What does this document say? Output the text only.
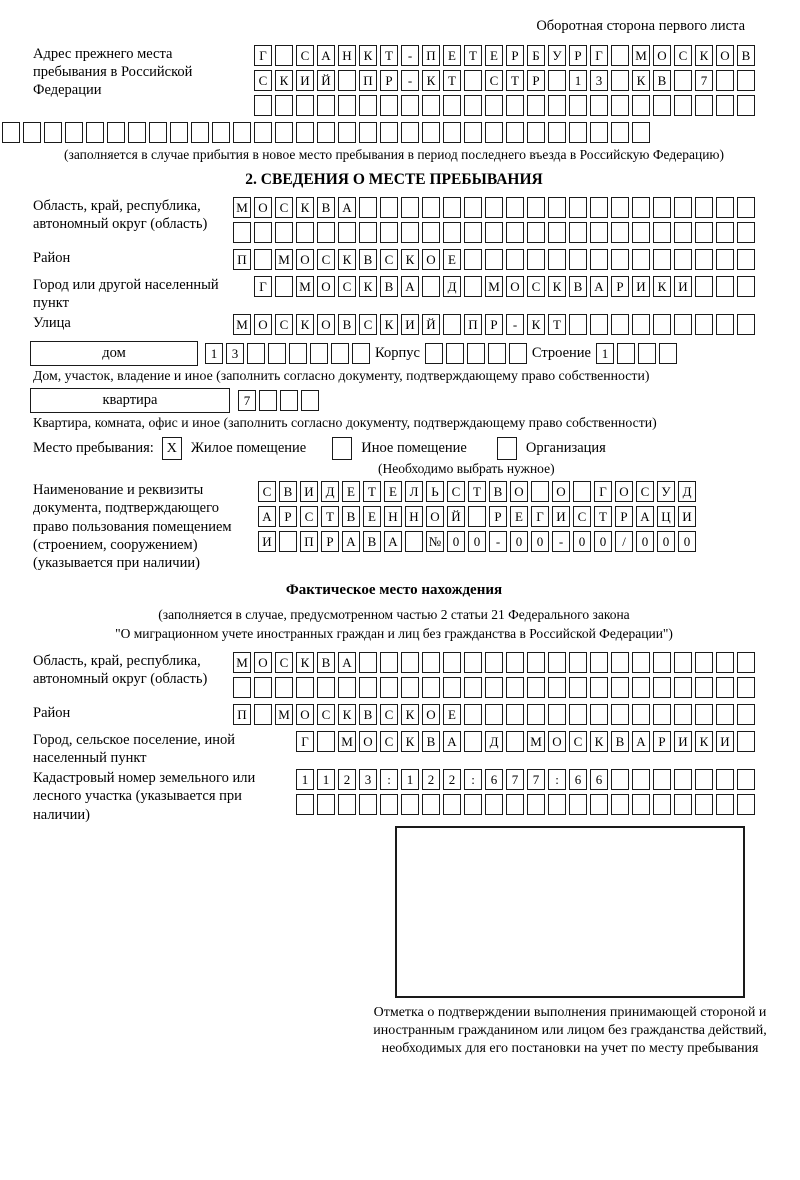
Оборотная сторона первого листа
Адрес прежнего места пребывания в Российской Федерации
Г	С А Н К Т	-	П Е	Т	Е	Р	Б У Р	Г	М О С К О В
С К И Й	П Р	-	К Т	С Т	Р	1	3	К В	7
(заполняется в случае прибытия в новое место пребывания в период последнего въезда в Российскую Федерацию)
2. СВЕДЕНИЯ О МЕСТЕ ПРЕБЫВАНИЯ
Область, край, республика, автономный округ (область)
М О С К В А
Район	П	М О С К В С К О Е
Город или другой населенный пункт
Г	М О С К В А	Д	М О С К В А Р И К И
Улица	М О С К О В С К И Й	П Р	-	К Т
дом	1	3	Корпус	Строение 1
Дом, участок, владение и иное (заполнить согласно документу, подтверждающему право собственности)
квартира	7
Квартира, комната, офис и иное (заполнить согласно документу, подтверждающему право собственности)
Место пребывания: X Жилое помещение	Иное помещение	Организация
(Необходимо выбрать нужное)
Наименование и реквизиты документа, подтверждающего право пользования помещением (строением, сооружением) (указывается при наличии)
С В И Д Е	Т	Е Л Ь С Т В О	О	Г О С У Д
А Р	С Т В Е Н Н О Й	Р	Е	Г И С Т	Р А Ц И
И	П Р А В А	№ 0	0	-	0	0	-	0	0	/	0	0	0
Фактическое место нахождения
(заполняется в случае, предусмотренном частью 2 статьи 21 Федерального закона
"О миграционном учете иностранных граждан и лиц без гражданства в Российской Федерации")
Область, край, республика, автономный округ (область)
М О С К В А
Район	П	М О С К В С К О Е
Город, сельское поселение, иной населенный пункт
Г	М О С К В А	Д	М О С К В А Р И К И
Кадастровый номер земельного или лесного участка (указывается при наличии)
1	1	2	3	:	1	2	2	:	6	7	7	:	6	6
Отметка о подтверждении выполнения принимающей стороной и иностранным гражданином или лицом без гражданства действий, необходимых для его постановки на учет по месту пребывания
